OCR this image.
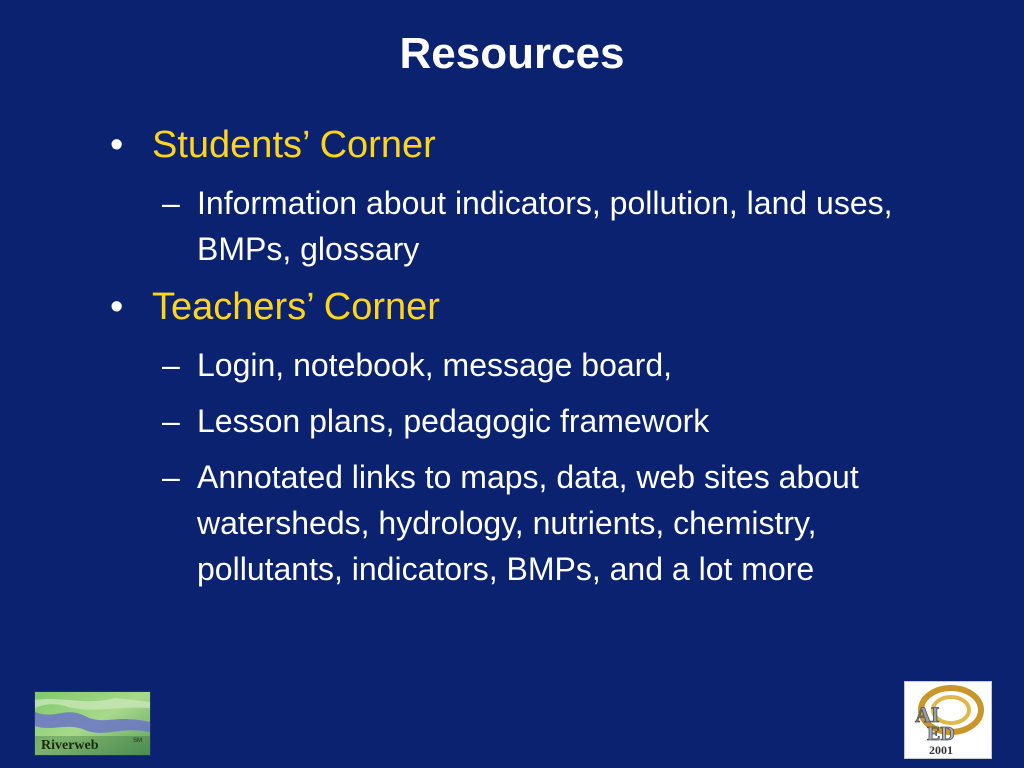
Resources
• Students’ Corner
– Information about indicators, pollution, land uses, BMPs, glossary
• Teachers’ Corner
– Login, notebook, message board,
– Lesson plans, pedagogic framework
– Annotated links to maps, data, web sites about watersheds, hydrology, nutrients, chemistry, pollutants, indicators, BMPs, and a lot more
Riverweb	SM
AI
ED
2001
